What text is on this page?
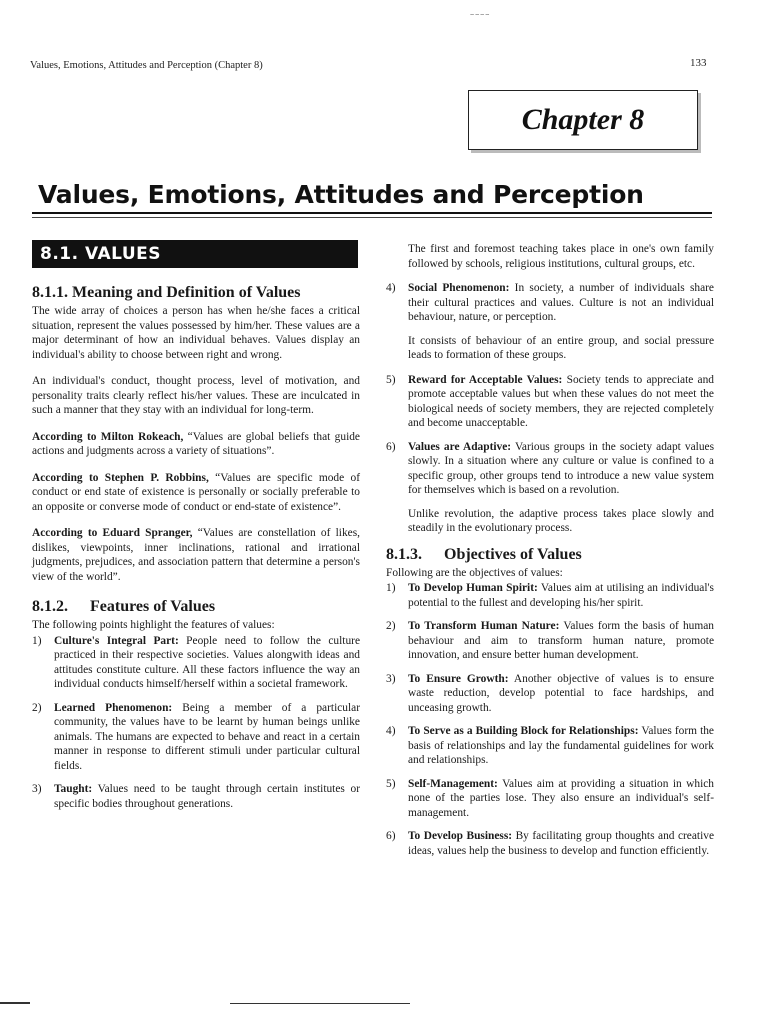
~~~~
Values, Emotions, Attitudes and Perception (Chapter 8)	133
Chapter 8
Values, Emotions, Attitudes and Perception
8.1. VALUES
8.1.1. Meaning and Definition of Values

The wide array of choices a person has when he/she faces a critical situation, represent the values possessed by him/her. These values are a major determinant of how an individual behaves. Values display an individual's ability to choose between right and wrong.

An individual's conduct, thought process, level of motivation, and personality traits clearly reflect his/her values. These are inculcated in such a manner that they stay with an individual for long-term.

According to Milton Rokeach, “Values are global beliefs that guide actions and judgments across a variety of situations”.

According to Stephen P. Robbins, “Values are specific mode of conduct or end state of existence is personally or socially preferable to an opposite or converse mode of conduct or end-state of existence”.

According to Eduard Spranger, “Values are constellation of likes, dislikes, viewpoints, inner inclinations, rational and irrational judgments, prejudices, and association pattern that determine a person's view of the world”.

8.1.2. Features of Values

The following points highlight the features of values:

1)	Culture's Integral Part: People need to follow the culture practiced in their respective societies. Values alongwith ideas and attitudes constitute culture. All these factors influence the way an individual conducts himself/herself within a societal framework.
2)	Learned Phenomenon: Being a member of a particular community, the values have to be learnt by human beings unlike animals. The humans are expected to behave and react in a certain manner in response to different stimuli under particular cultural fields.
3)	Taught: Values need to be taught through certain institutes or specific bodies throughout generations.

The first and foremost teaching takes place in one's own family followed by schools, religious institutions, cultural groups, etc.

4)	Social Phenomenon: In society, a number of individuals share their cultural practices and values. Culture is not an individual behaviour, nature, or perception.

It consists of behaviour of an entire group, and social pressure leads to formation of these groups.

5)	Reward for Acceptable Values: Society tends to appreciate and promote acceptable values but when these values do not meet the biological needs of society members, they are rejected completely and become unacceptable.
6)	Values are Adaptive: Various groups in the society adapt values slowly. In a situation where any culture or value is confined to a specific group, other groups tend to introduce a new value system for themselves which is based on a revolution.

Unlike revolution, the adaptive process takes place slowly and steadily in the evolutionary process.

8.1.3. Objectives of Values

Following are the objectives of values:

1)	To Develop Human Spirit: Values aim at utilising an individual's potential to the fullest and developing his/her spirit.
2)	To Transform Human Nature: Values form the basis of human behaviour and aim to transform human nature, promote innovation, and ensure better human development.
3)	To Ensure Growth: Another objective of values is to ensure waste reduction, develop potential to face hardships, and unceasing growth.
4)	To Serve as a Building Block for Relationships: Values form the basis of relationships and lay the fundamental guidelines for work and relationships.
5)	Self-Management: Values aim at providing a situation in which none of the parties lose. They also ensure an individual's self-management.
6)	To Develop Business: By facilitating group thoughts and creative ideas, values help the business to develop and function efficiently.
